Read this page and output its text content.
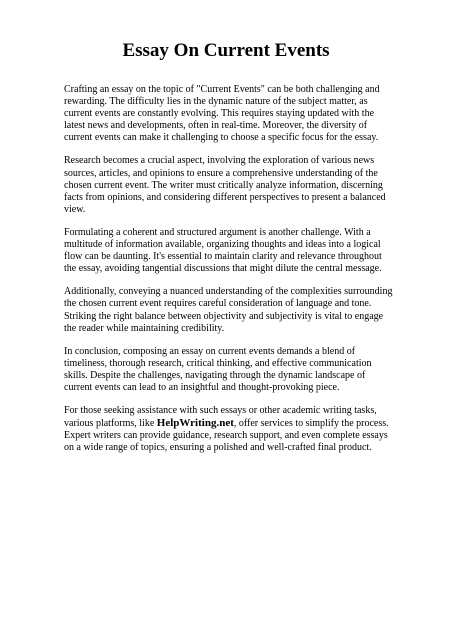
Essay On Current Events

Crafting an essay on the topic of "Current Events" can be both challenging and rewarding. The difficulty lies in the dynamic nature of the subject matter, as current events are constantly evolving. This requires staying updated with the latest news and developments, often in real-time. Moreover, the diversity of current events can make it challenging to choose a specific focus for the essay.

Research becomes a crucial aspect, involving the exploration of various news sources, articles, and opinions to ensure a comprehensive understanding of the chosen current event. The writer must critically analyze information, discerning facts from opinions, and considering different perspectives to present a balanced view.

Formulating a coherent and structured argument is another challenge. With a multitude of information available, organizing thoughts and ideas into a logical flow can be daunting. It's essential to maintain clarity and relevance throughout the essay, avoiding tangential discussions that might dilute the central message.

Additionally, conveying a nuanced understanding of the complexities surrounding the chosen current event requires careful consideration of language and tone. Striking the right balance between objectivity and subjectivity is vital to engage the reader while maintaining credibility.

In conclusion, composing an essay on current events demands a blend of timeliness, thorough research, critical thinking, and effective communication skills. Despite the challenges, navigating through the dynamic landscape of current events can lead to an insightful and thought-provoking piece.

For those seeking assistance with such essays or other academic writing tasks, various platforms, like HelpWriting.net, offer services to simplify the process. Expert writers can provide guidance, research support, and even complete essays on a wide range of topics, ensuring a polished and well-crafted final product.
